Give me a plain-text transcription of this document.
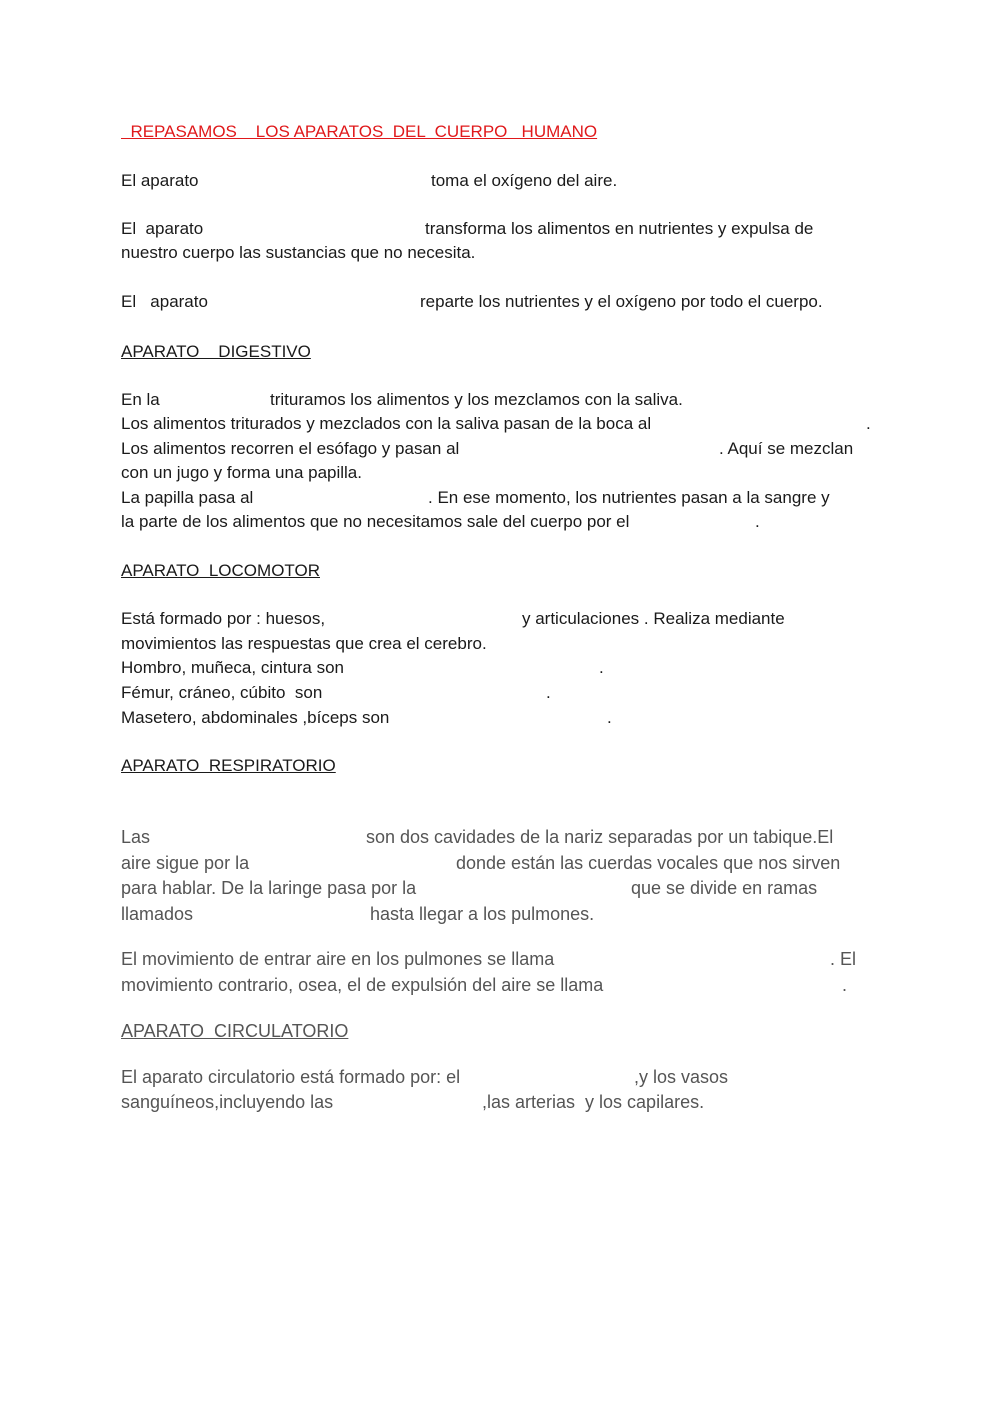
REPASAMOS    LOS APARATOS  DEL  CUERPO   HUMANO
El aparato	toma el oxígeno del aire.
El  aparato	transforma los alimentos en nutrientes y expulsa de
nuestro cuerpo las sustancias que no necesita.
El   aparato	reparte los nutrientes y el oxígeno por todo el cuerpo.
APARATO    DIGESTIVO
En la	trituramos los alimentos y los mezclamos con la saliva.
Los alimentos triturados y mezclados con la saliva pasan de la boca al	.
Los alimentos recorren el esófago y pasan al	. Aquí se mezclan
con un jugo y forma una papilla.
La papilla pasa al	. En ese momento, los nutrientes pasan a la sangre y
la parte de los alimentos que no necesitamos sale del cuerpo por el	.
APARATO  LOCOMOTOR
Está formado por : huesos,	y articulaciones . Realiza mediante
movimientos las respuestas que crea el cerebro.
Hombro, muñeca, cintura son	.
Fémur, cráneo, cúbito  son	.
Masetero, abdominales ,bíceps son	.
APARATO  RESPIRATORIO
Las	son dos cavidades de la nariz separadas por un tabique.El
aire sigue por la	donde están las cuerdas vocales que nos sirven
para hablar. De la laringe pasa por la	que se divide en ramas
llamados	hasta llegar a los pulmones.
El movimiento de entrar aire en los pulmones se llama	. El
movimiento contrario, osea, el de expulsión del aire se llama	.
APARATO  CIRCULATORIO
El aparato circulatorio está formado por: el	,y los vasos
sanguíneos,incluyendo las	,las arterias  y los capilares.
